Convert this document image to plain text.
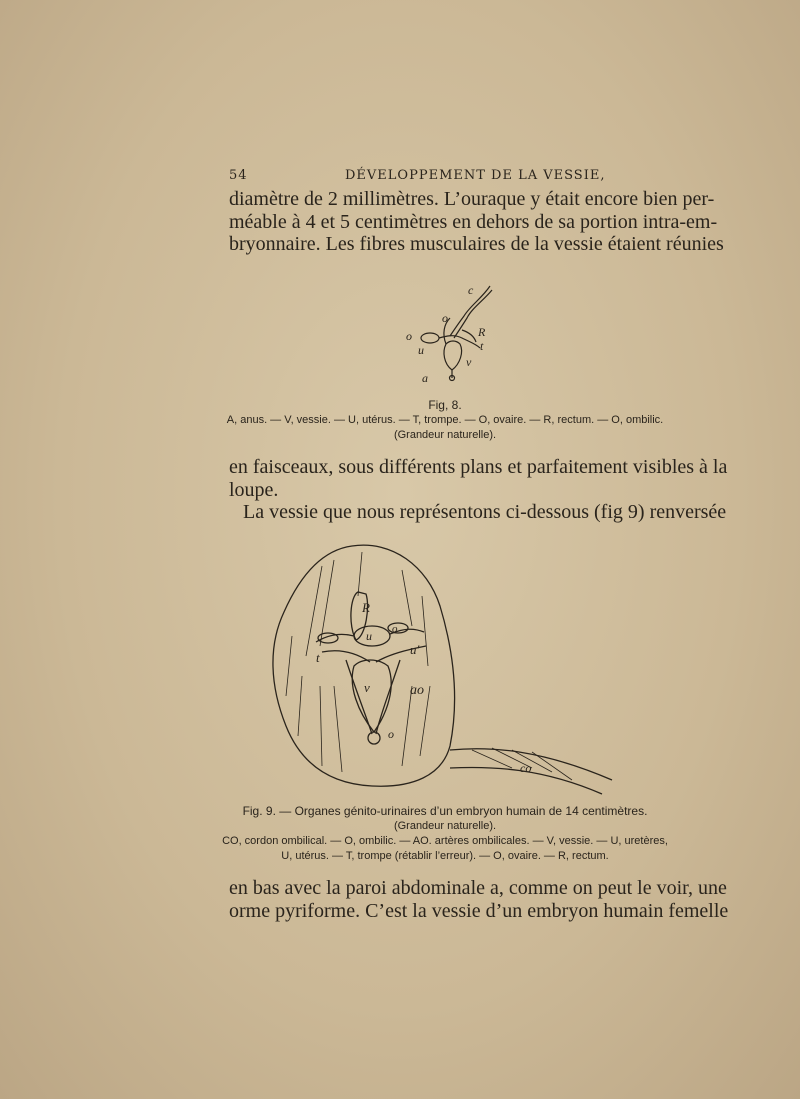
54	DÉVELOPPEMENT DE LA VESSIE,

diamètre de 2 millimètres. L’ouraque y était encore bien per-
méable à 4 et 5 centimètres en dehors de sa portion intra-em-
bryonnaire. Les fibres musculaires de la vessie étaient réunies

c
o
o	R
t
u
v
a
Fig, 8.
A, anus. — V, vessie. — U, utérus. — T, trompe. — O, ovaire. — R, rectum. — O, ombilic.
(Grandeur naturelle).

en faisceaux, sous différents plans et parfaitement visibles à la
loupe.

La vessie que nous représentons ci-dessous (fig 9) renversée

R
u o
u′
t
v	ao
o
co
Fig. 9. — Organes génito-urinaires d’un embryon humain de 14 centimètres.
(Grandeur naturelle).
CO, cordon ombilical. — O, ombilic. — AO. artères ombilicales. — V, vessie. — U, uretères,
U, utérus. — T, trompe (rétablir l’erreur). — O, ovaire. — R, rectum.

en bas avec la paroi abdominale a, comme on peut le voir, une
orme pyriforme. C’est la vessie d’un embryon humain femelle
